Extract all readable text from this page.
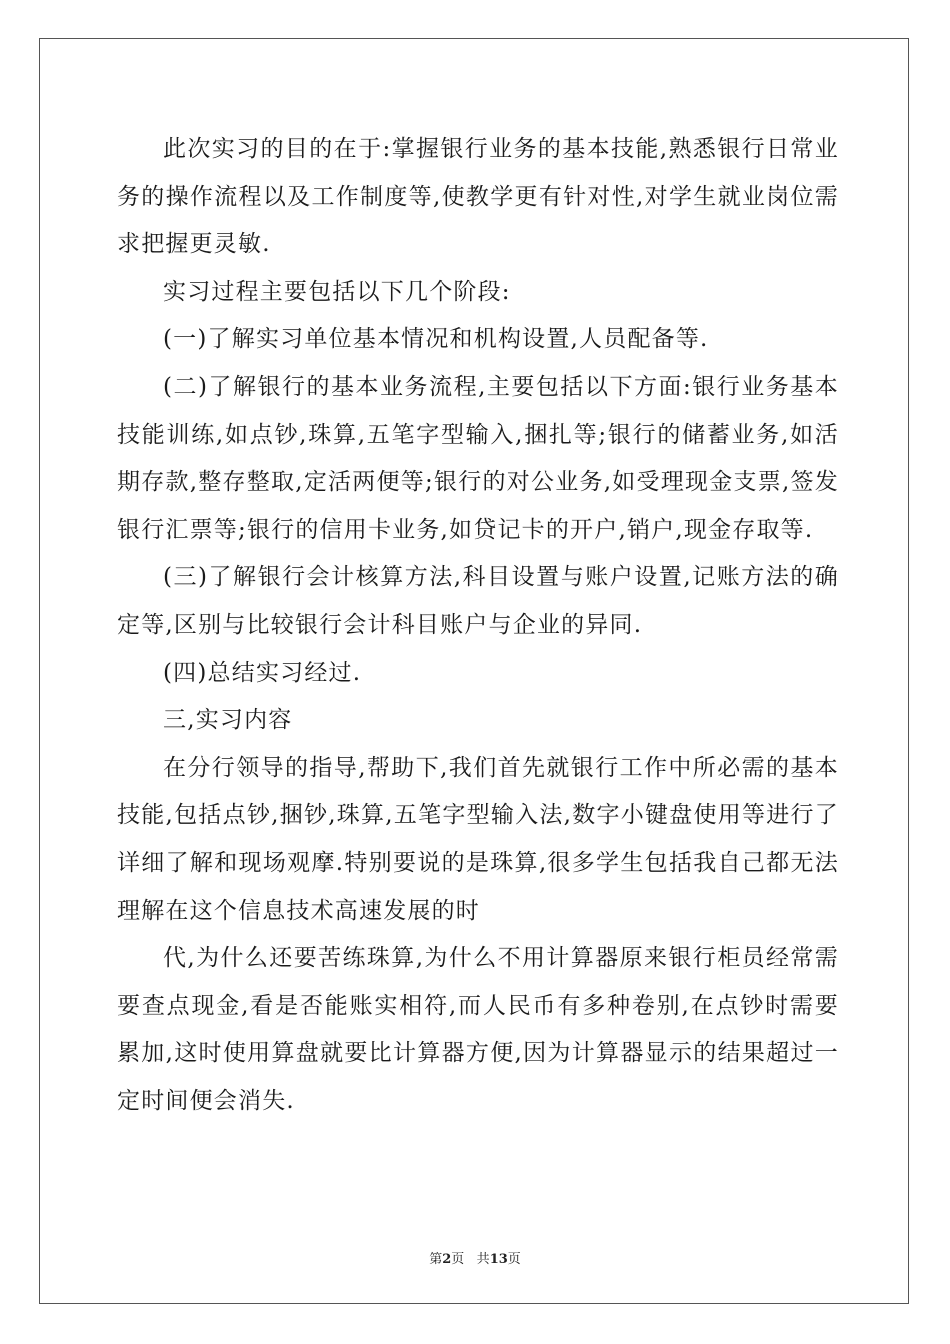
此次实习的目的在于:掌握银行业务的基本技能,熟悉银行日常业务的操作流程以及工作制度等,使教学更有针对性,对学生就业岗位需求把握更灵敏.

实习过程主要包括以下几个阶段:

(一)了解实习单位基本情况和机构设置,人员配备等.

(二)了解银行的基本业务流程,主要包括以下方面:银行业务基本技能训练,如点钞,珠算,五笔字型输入,捆扎等;银行的储蓄业务,如活期存款,整存整取,定活两便等;银行的对公业务,如受理现金支票,签发银行汇票等;银行的信用卡业务,如贷记卡的开户,销户,现金存取等.

(三)了解银行会计核算方法,科目设置与账户设置,记账方法的确定等,区别与比较银行会计科目账户与企业的异同.

(四)总结实习经过.

三,实习内容

在分行领导的指导,帮助下,我们首先就银行工作中所必需的基本技能,包括点钞,捆钞,珠算,五笔字型输入法,数字小键盘使用等进行了详细了解和现场观摩.特别要说的是珠算,很多学生包括我自己都无法理解在这个信息技术高速发展的时

代,为什么还要苦练珠算,为什么不用计算器原来银行柜员经常需要查点现金,看是否能账实相符,而人民币有多种卷别,在点钞时需要累加,这时使用算盘就要比计算器方便,因为计算器显示的结果超过一定时间便会消失.

第2页 共13页
